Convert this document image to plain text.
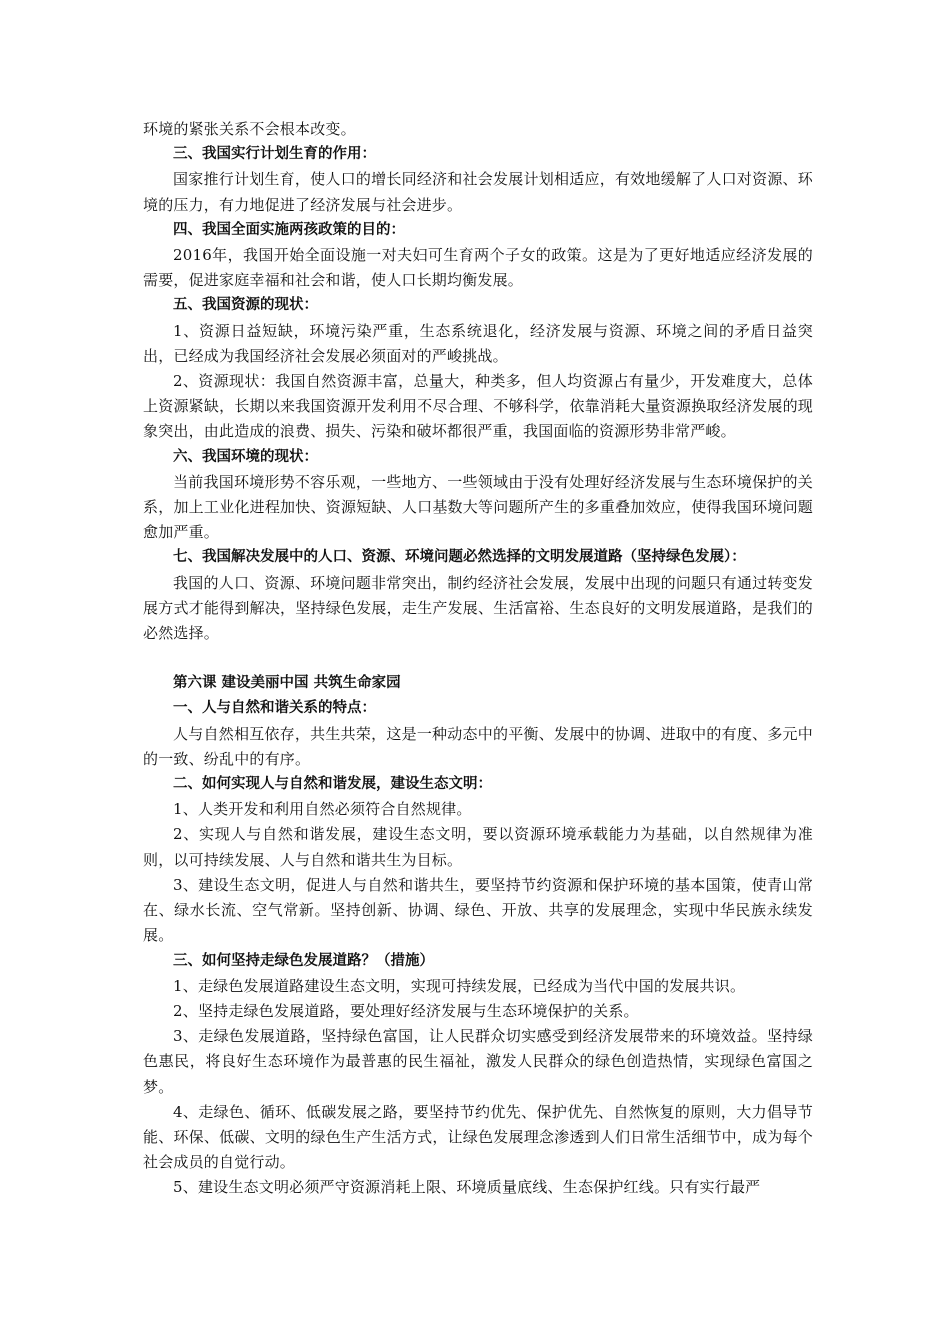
环境的紧张关系不会根本改变。

三、我国实行计划生育的作用：

国家推行计划生育，使人口的增长同经济和社会发展计划相适应，有效地缓解了人口对资源、环境的压力，有力地促进了经济发展与社会进步。

四、我国全面实施两孩政策的目的：

2016年，我国开始全面设施一对夫妇可生育两个子女的政策。这是为了更好地适应经济发展的需要，促进家庭幸福和社会和谐，使人口长期均衡发展。

五、我国资源的现状：

1、资源日益短缺，环境污染严重，生态系统退化，经济发展与资源、环境之间的矛盾日益突出，已经成为我国经济社会发展必须面对的严峻挑战。

2、资源现状：我国自然资源丰富，总量大，种类多，但人均资源占有量少，开发难度大，总体上资源紧缺，长期以来我国资源开发利用不尽合理、不够科学，依靠消耗大量资源换取经济发展的现象突出，由此造成的浪费、损失、污染和破坏都很严重，我国面临的资源形势非常严峻。

六、我国环境的现状：

当前我国环境形势不容乐观，一些地方、一些领域由于没有处理好经济发展与生态环境保护的关系，加上工业化进程加快、资源短缺、人口基数大等问题所产生的多重叠加效应，使得我国环境问题愈加严重。

七、我国解决发展中的人口、资源、环境问题必然选择的文明发展道路（坚持绿色发展）：

我国的人口、资源、环境问题非常突出，制约经济社会发展，发展中出现的问题只有通过转变发展方式才能得到解决，坚持绿色发展，走生产发展、生活富裕、生态良好的文明发展道路，是我们的必然选择。

第六课 建设美丽中国 共筑生命家园

一、人与自然和谐关系的特点：

人与自然相互依存，共生共荣，这是一种动态中的平衡、发展中的协调、进取中的有度、多元中的一致、纷乱中的有序。

二、如何实现人与自然和谐发展，建设生态文明：

1、人类开发和利用自然必须符合自然规律。

2、实现人与自然和谐发展，建设生态文明，要以资源环境承载能力为基础，以自然规律为准则，以可持续发展、人与自然和谐共生为目标。

3、建设生态文明，促进人与自然和谐共生，要坚持节约资源和保护环境的基本国策，使青山常在、绿水长流、空气常新。坚持创新、协调、绿色、开放、共享的发展理念，实现中华民族永续发展。

三、如何坚持走绿色发展道路？（措施）

1、走绿色发展道路建设生态文明，实现可持续发展，已经成为当代中国的发展共识。

2、坚持走绿色发展道路，要处理好经济发展与生态环境保护的关系。

3、走绿色发展道路，坚持绿色富国，让人民群众切实感受到经济发展带来的环境效益。坚持绿色惠民，将良好生态环境作为最普惠的民生福祉，激发人民群众的绿色创造热情，实现绿色富国之梦。

4、走绿色、循环、低碳发展之路，要坚持节约优先、保护优先、自然恢复的原则，大力倡导节能、环保、低碳、文明的绿色生产生活方式，让绿色发展理念渗透到人们日常生活细节中，成为每个社会成员的自觉行动。

5、建设生态文明必须严守资源消耗上限、环境质量底线、生态保护红线。只有实行最严
